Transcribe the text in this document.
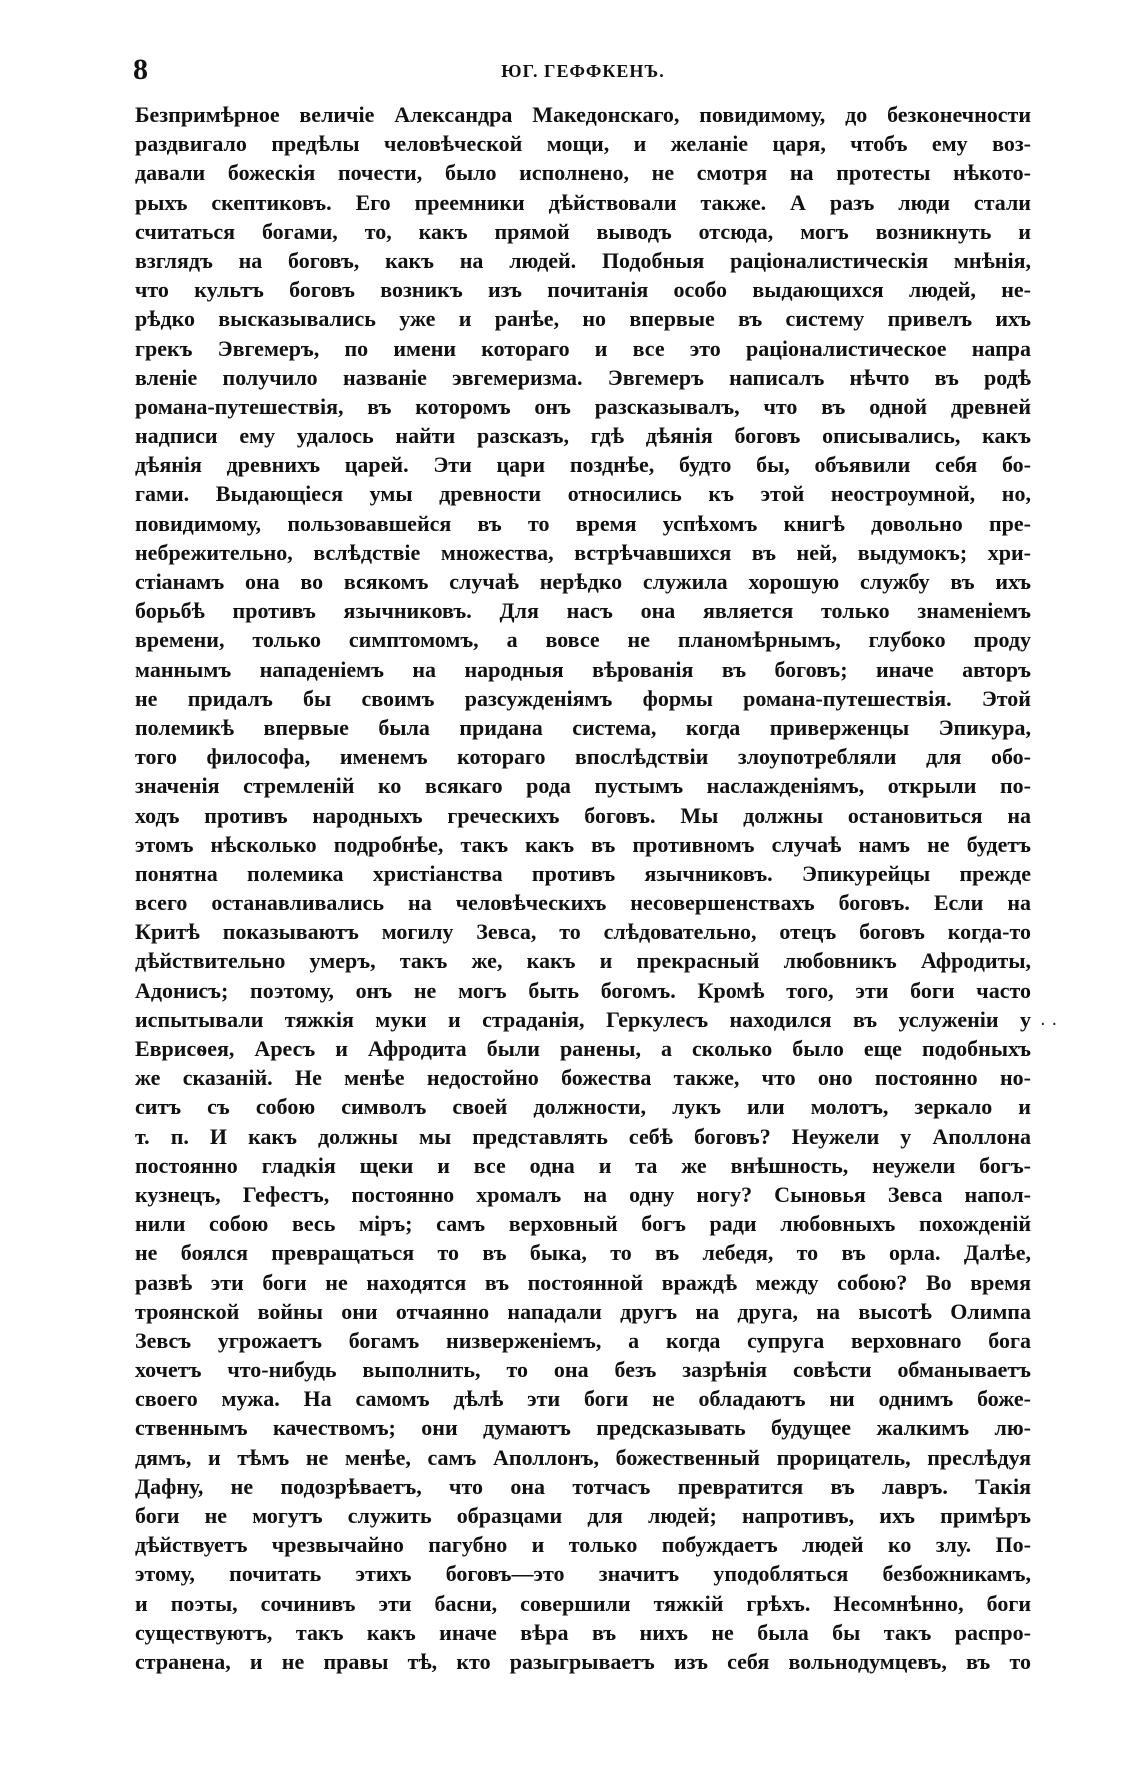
8	ЮГ. ГЕФФКЕНЪ.
Безпримѣрное величіе Александра Македонскаго, повидимому, до безконечности
раздвигало предѣлы человѣческой мощи, и желаніе царя, чтобъ ему воз-
давали божескія почести, было исполнено, не смотря на протесты нѣкото-
рыхъ скептиковъ. Его преемники дѣйствовали также. А разъ люди стали
считаться богами, то, какъ прямой выводъ отсюда, могъ возникнуть и
взглядъ на боговъ, какъ на людей. Подобныя раціоналистическія мнѣнія,
что культъ боговъ возникъ изъ почитанія особо выдающихся людей, не-
рѣдко высказывались уже и ранѣе, но впервые въ систему привелъ ихъ
грекъ Эвгемеръ, по имени котораго и все это раціоналистическое напра
вленіе получило названіе эвгемеризма. Эвгемеръ написалъ нѣчто въ родѣ
романа-путешествія, въ которомъ онъ разсказывалъ, что въ одной древней
надписи ему удалось найти разсказъ, гдѣ дѣянія боговъ описывались, какъ
дѣянія древнихъ царей. Эти цари позднѣе, будто бы, объявили себя бо-
гами. Выдающіеся умы древности относились къ этой неостроумной, но,
повидимому, пользовавшейся въ то время успѣхомъ книгѣ довольно пре-
небрежительно, вслѣдствіе множества, встрѣчавшихся въ ней, выдумокъ; хри-
стіанамъ она во всякомъ случаѣ нерѣдко служила хорошую службу въ ихъ
борьбѣ противъ язычниковъ. Для насъ она является только знаменіемъ
времени, только симптомомъ, а вовсе не планомѣрнымъ, глубоко проду
маннымъ нападеніемъ на народныя вѣрованія въ боговъ; иначе авторъ
не придалъ бы своимъ разсужденіямъ формы романа-путешествія. Этой
полемикѣ впервые была придана система, когда приверженцы Эпикура,
того философа, именемъ котораго впослѣдствіи злоупотребляли для обо-
значенія стремленій ко всякаго рода пустымъ наслажденіямъ, открыли по-
ходъ противъ народныхъ греческихъ боговъ. Мы должны остановиться на
этомъ нѣсколько подробнѣе, такъ какъ въ противномъ случаѣ намъ не будетъ
понятна полемика христіанства противъ язычниковъ. Эпикурейцы прежде
всего останавливались на человѣческихъ несовершенствахъ боговъ. Если на
Критѣ показываютъ могилу Зевса, то слѣдовательно, отецъ боговъ когда-то
дѣйствительно умеръ, такъ же, какъ и прекрасный любовникъ Афродиты,
Адонисъ; поэтому, онъ не могъ быть богомъ. Кромѣ того, эти боги часто
испытывали тяжкія муки и страданія, Геркулесъ находился въ услуженіи у
Еврисѳея, Аресъ и Афродита были ранены, а сколько было еще подобныхъ
же сказаній. Не менѣе недостойно божества также, что оно постоянно но-
ситъ съ собою символъ своей должности, лукъ или молотъ, зеркало и
т. п. И какъ должны мы представлять себѣ боговъ? Неужели у Аполлона
постоянно гладкія щеки и все одна и та же внѣшность, неужели богъ-
кузнецъ, Гефестъ, постоянно хромалъ на одну ногу? Сыновья Зевса напол-
нили собою весь міръ; самъ верховный богъ ради любовныхъ похожденій
не боялся превращаться то въ быка, то въ лебедя, то въ орла. Далѣе,
развѣ эти боги не находятся въ постоянной враждѣ между собою? Во время
троянской войны они отчаянно нападали другъ на друга, на высотѣ Олимпа
Зевсъ угрожаетъ богамъ низверженіемъ, а когда супруга верховнаго бога
хочетъ что-нибудь выполнить, то она безъ зазрѣнія совѣсти обманываетъ
своего мужа. На самомъ дѣлѣ эти боги не обладаютъ ни однимъ боже-
ственнымъ качествомъ; они думаютъ предсказывать будущее жалкимъ лю-
дямъ, и тѣмъ не менѣе, самъ Аполлонъ, божественный прорицатель, преслѣдуя
Дафну, не подозрѣваетъ, что она тотчасъ превратится въ лавръ. Такія
боги не могутъ служить образцами для людей; напротивъ, ихъ примѣръ
дѣйствуетъ чрезвычайно пагубно и только побуждаетъ людей ко злу. По-
этому, почитать этихъ боговъ—это значитъ уподобляться безбожникамъ,
и поэты, сочинивъ эти басни, совершили тяжкій грѣхъ. Несомнѣнно, боги
существуютъ, такъ какъ иначе вѣра въ нихъ не была бы такъ распро-
странена, и не правы тѣ, кто разыгрываетъ изъ себя вольнодумцевъ, въ то
· ·
